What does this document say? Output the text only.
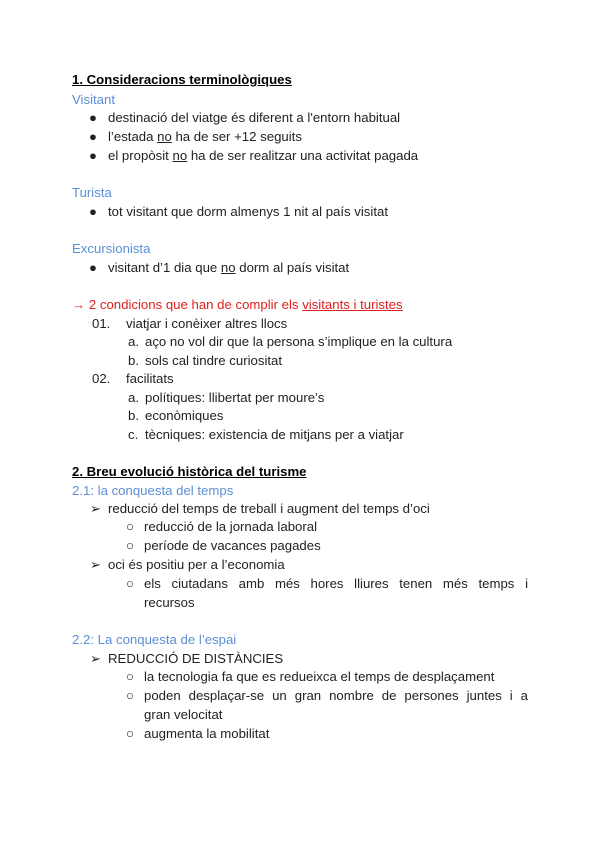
1. Consideracions terminològiques
Visitant
● destinació del viatge és diferent a l'entorn habitual
● l’estada no ha de ser +12 seguits
● el propòsit no ha de ser realitzar una activitat pagada
Turista
● tot visitant que dorm almenys 1 nit al país visitat
Excursionista
● visitant d’1 dia que no dorm al país visitat
→ 2 condicions que han de complir els visitants i turistes
01. viatjar i conèixer altres llocs
a. aço no vol dir que la persona s’implique en la cultura
b. sols cal tindre curiositat
02. facilitats
a. polítiques: llibertat per moure’s
b. econòmiques
c. tècniques: existencia de mitjans per a viatjar
2. Breu evolució històrica del turisme
2.1: la conquesta del temps
➢ reducció del temps de treball i augment del temps d’oci
○ reducció de la jornada laboral
○ període de vacances pagades
➢ oci és positiu per a l’economia
○ els ciutadans amb més hores lliures tenen més temps i
recursos
2.2: La conquesta de l’espai
➢ REDUCCIÓ DE DISTÀNCIES
○ la tecnologia fa que es redueixca el temps de desplaçament
○ poden desplaçar-se un gran nombre de persones juntes i a
gran velocitat
○ augmenta la mobilitat
